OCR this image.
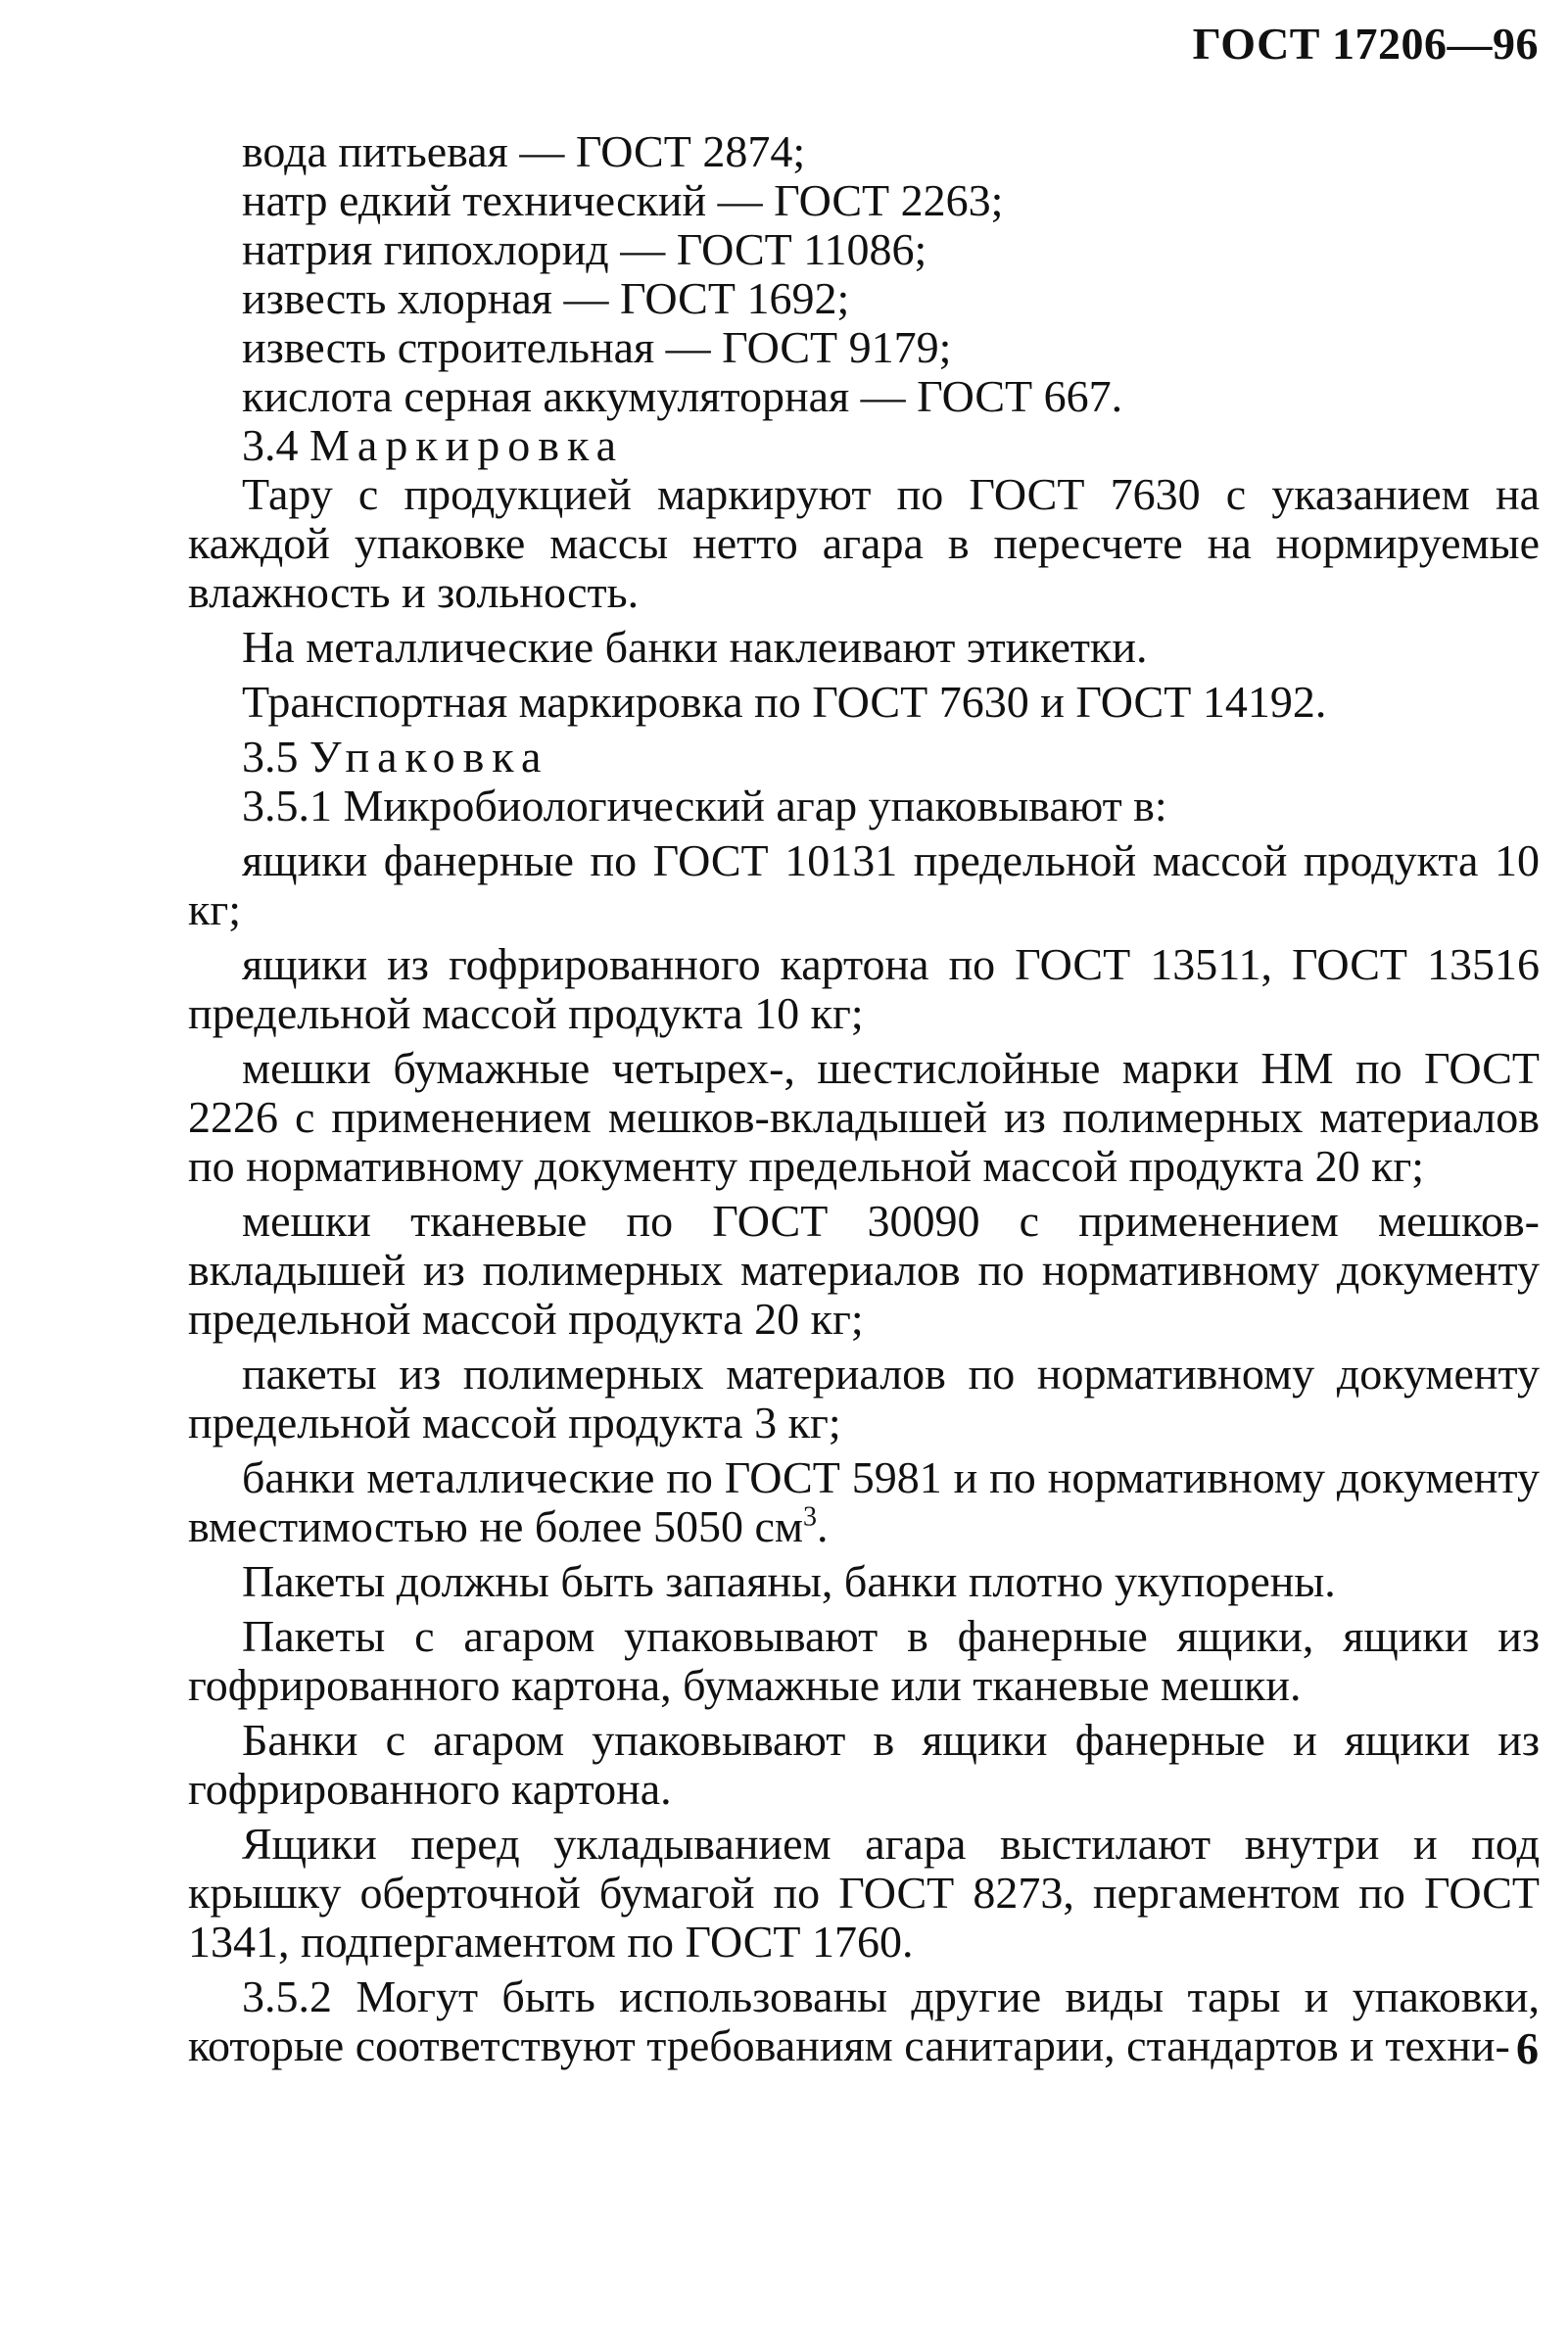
ГОСТ 17206—96
вода питьевая — ГОСТ 2874;
натр едкий технический — ГОСТ 2263;
натрия гипохлорид — ГОСТ 11086;
известь хлорная — ГОСТ 1692;
известь строительная — ГОСТ 9179;
кислота серная аккумуляторная — ГОСТ 667.
3.4 Маркировка
Тару с продукцией маркируют по ГОСТ 7630 с указанием на каждой упаковке массы нетто агара в пересчете на нормируемые влажность и зольность.
На металлические банки наклеивают этикетки.
Транспортная маркировка по ГОСТ 7630 и ГОСТ 14192.
3.5 Упаковка
3.5.1 Микробиологический агар упаковывают в:
ящики фанерные по ГОСТ 10131 предельной массой продукта 10 кг;
ящики из гофрированного картона по ГОСТ 13511, ГОСТ 13516 предельной массой продукта 10 кг;
мешки бумажные четырех-, шестислойные марки НМ по ГОСТ 2226 с применением мешков-вкладышей из полимерных материалов по нормативному документу предельной массой продукта 20 кг;
мешки тканевые по ГОСТ 30090 с применением мешков-вкладышей из полимерных материалов по нормативному документу предельной массой продукта 20 кг;
пакеты из полимерных материалов по нормативному документу предельной массой продукта 3 кг;
банки металлические по ГОСТ 5981 и по нормативному документу вместимостью не более 5050 $см^3$.
Пакеты должны быть запаяны, банки плотно укупорены.
Пакеты с агаром упаковывают в фанерные ящики, ящики из гофрированного картона, бумажные или тканевые мешки.
Банки с агаром упаковывают в ящики фанерные и ящики из гофрированного картона.
Ящики перед укладыванием агара выстилают внутри и под крышку оберточной бумагой по ГОСТ 8273, пергаментом по ГОСТ 1341, подпергаментом по ГОСТ 1760.
3.5.2 Могут быть использованы другие виды тары и упаковки, которые соответствуют требованиям санитарии, стандартов и техни- 6
